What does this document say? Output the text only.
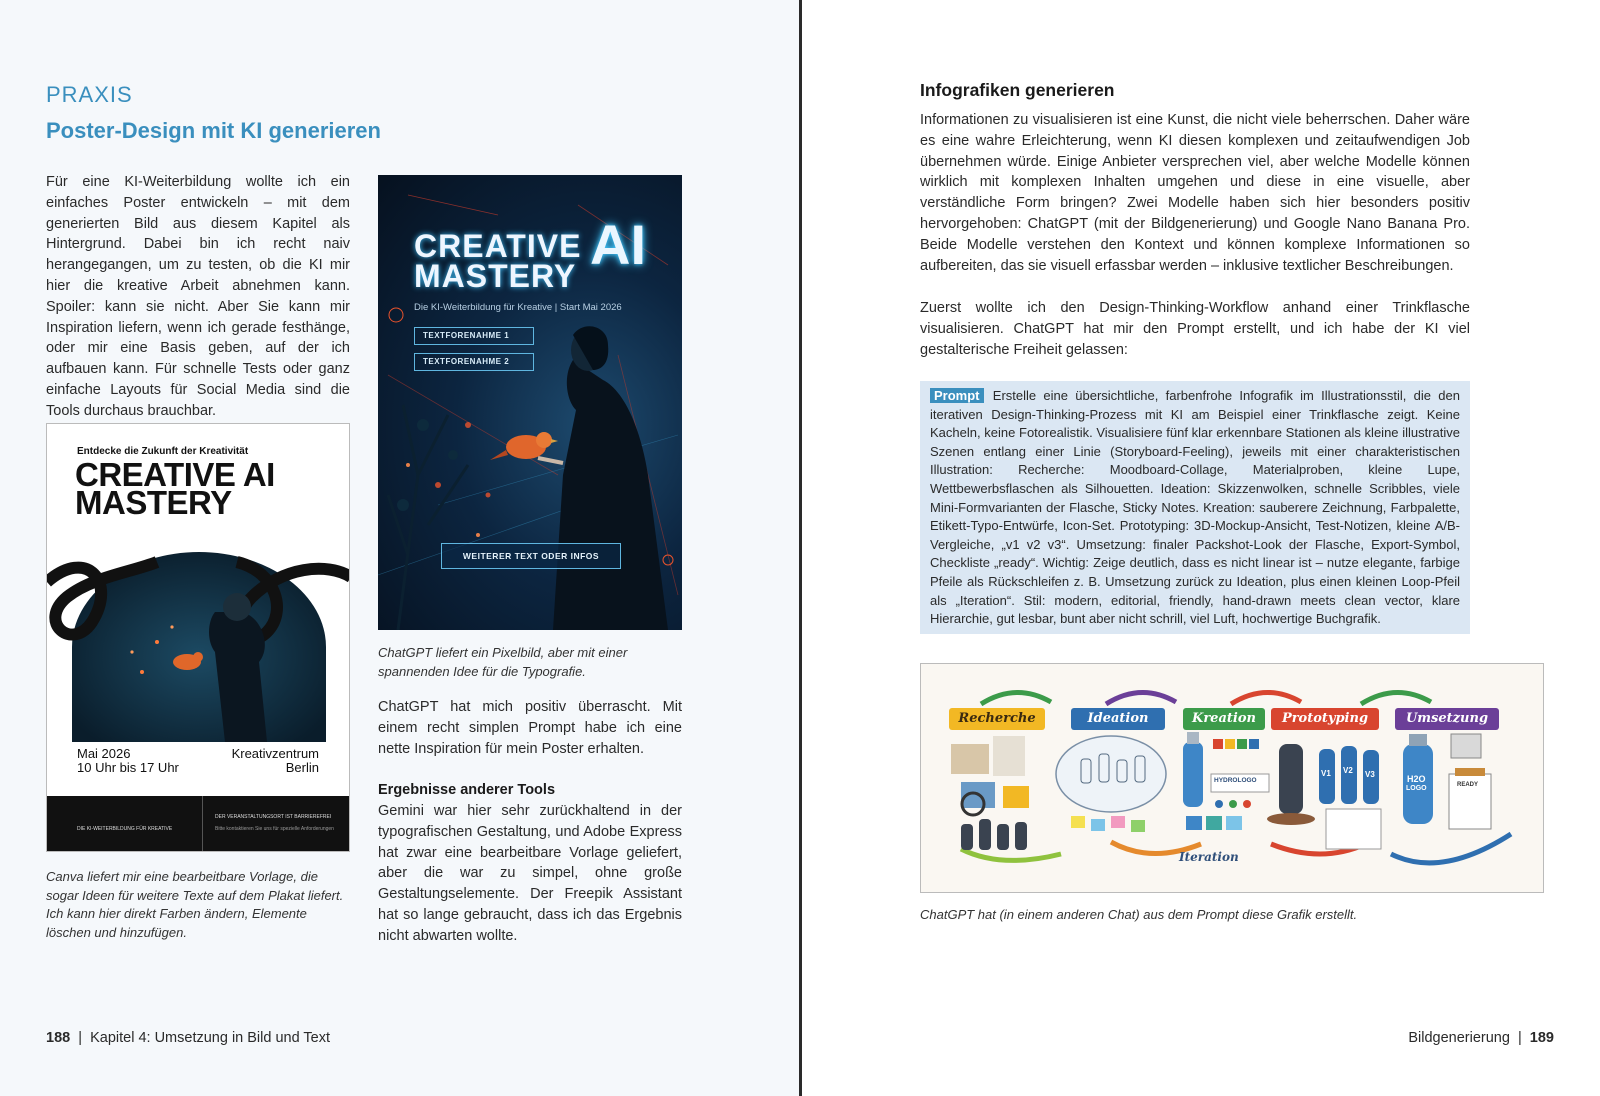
PRAXIS
Poster-Design mit KI generieren

Für eine KI-Weiterbildung wollte ich ein einfaches Poster entwickeln – mit dem generierten Bild aus diesem Kapitel als Hintergrund. Dabei bin ich recht naiv herangegangen, um zu testen, ob die KI mir hier die kreative Arbeit abnehmen kann. Spoiler: kann sie nicht. Aber Sie kann mir Inspiration liefern, wenn ich gerade festhänge, oder mir eine Basis geben, auf der ich aufbauen kann. Für schnelle Tests oder ganz einfache Layouts für Social Media sind die Tools durchaus brauchbar.

Entdecke die Zukunft der Kreativität
CREATIVE AI
MASTERY
Mai 2026
10 Uhr bis 17 Uhr
Kreativzentrum
Berlin
DIE KI-WEITERBILDUNG FÜR KREATIVE
DER VERANSTALTUNGSORT IST BARRIEREFREI
Bitte kontaktieren Sie uns für spezielle Anforderungen

Canva liefert mir eine bearbeitbare Vorlage, die sogar Ideen für weitere Texte auf dem Plakat liefert. Ich kann hier direkt Farben ändern, Elemente löschen und hinzufügen.

CREATIVE
MASTERY AI
Die KI-Weiterbildung für Kreative | Start Mai 2026
TEXTFORENAHME 1
TEXTFORENAHME 2
WEITERER TEXT ODER INFOS

ChatGPT liefert ein Pixelbild, aber mit einer spannenden Idee für die Typografie.

ChatGPT hat mich positiv überrascht. Mit einem recht simplen Prompt habe ich eine nette Inspiration für mein Poster erhalten.

Ergebnisse anderer Tools

Gemini war hier sehr zurückhaltend in der typografischen Gestaltung, und Adobe Express hat zwar eine bearbeitbare Vorlage geliefert, aber die war zu simpel, ohne große Gestaltungselemente. Der Freepik Assistant hat so lange gebraucht, dass ich das Ergebnis nicht abwarten wollte.

188  |  Kapitel 4: Umsetzung in Bild und Text
Infografiken generieren

Informationen zu visualisieren ist eine Kunst, die nicht viele beherrschen. Daher wäre es eine wahre Erleichterung, wenn KI diesen komplexen und zeitaufwendigen Job übernehmen würde. Einige Anbieter versprechen viel, aber welche Modelle können wirklich mit komplexen Inhalten umgehen und diese in eine visuelle, aber verständliche Form bringen? Zwei Modelle haben sich hier besonders positiv hervorgehoben: ChatGPT (mit der Bildgenerierung) und Google Nano Banana Pro. Beide Modelle verstehen den Kontext und können komplexe Informationen so aufbereiten, das sie visuell erfassbar werden – inklusive textlicher Beschreibungen.

Zuerst wollte ich den Design-Thinking-Workflow anhand einer Trinkflasche visualisieren. ChatGPT hat mir den Prompt erstellt, und ich habe der KI viel gestalterische Freiheit gelassen:

Prompt Erstelle eine übersichtliche, farbenfrohe Infografik im Illustrationsstil, die den iterativen Design-Thinking-Prozess mit KI am Beispiel einer Trinkflasche zeigt. Keine Kacheln, keine Fotorealistik. Visualisiere fünf klar erkennbare Stationen als kleine illustrative Szenen entlang einer Linie (Storyboard-Feeling), jeweils mit einer charakteristischen Illustration: Recherche: Moodboard-Collage, Materialproben, kleine Lupe, Wettbewerbsflaschen als Silhouetten. Ideation: Skizzenwolken, schnelle Scribbles, viele Mini-Formvarianten der Flasche, Sticky Notes. Kreation: sauberere Zeichnung, Farbpalette, Etikett-Typo-Entwürfe, Icon-Set. Prototyping: 3D-Mockup-Ansicht, Test-Notizen, kleine A/B-Vergleiche, „v1 v2 v3“. Umsetzung: finaler Packshot-Look der Flasche, Export-Symbol, Checkliste „ready“. Wichtig: Zeige deutlich, dass es nicht linear ist – nutze elegante, farbige Pfeile als Rückschleifen z. B. Umsetzung zurück zu Ideation, plus einen kleinen Loop-Pfeil als „Iteration“. Stil: modern, editorial, friendly, hand-drawn meets clean vector, klare Hierarchie, gut lesbar, bunt aber nicht schrill, viel Luft, hochwertige Buchgrafik.

Recherche	Ideation	Kreation	Prototyping	Umsetzung
Iteration
HYDROLOGO
V1 V2 V3	H2O
LOGO	READY

ChatGPT hat (in einem anderen Chat) aus dem Prompt diese Grafik erstellt.

Bildgenerierung  |  189
